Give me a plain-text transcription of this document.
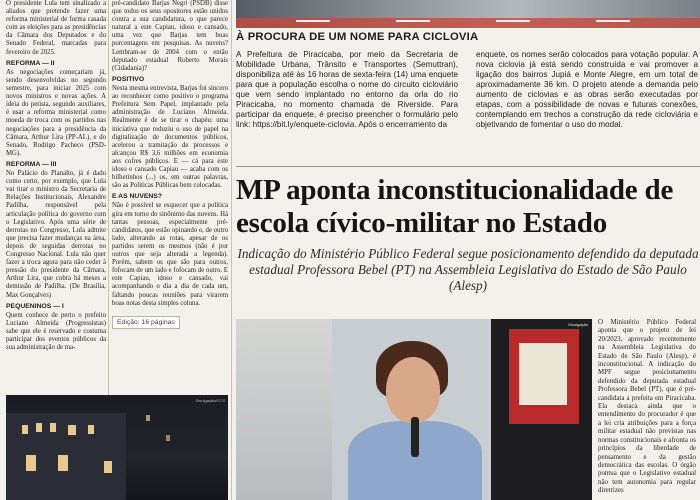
O presidente Lula tem sinalizado a aliados que pretende fazer uma reforma ministerial de forma casada com as eleições para as presidências da Câmara dos Deputados e do Senado Federal, marcadas para fevereiro de 2025.

REFORMA — II

As negociações começariam já, sendo desenvolvidas no segundo semestre, para iniciar 2025 com novos ministros e novas ações. A ideia do petista, segundo auxiliares, é usar a reforma ministerial como moeda de troca com os partidos nas negociações para a presidência da Câmara, Arthur Lira (PP-AL), e do Senado, Rodrigo Pacheco (PSD-MG).

REFORMA — III

No Palácio do Planalto, já é dado como certo, por exemplo, que Lula vai tirar o ministro da Secretaria de Relações Institucionais, Alexandre Padilha, responsável pela articulação política do governo com o Legislativo. Após uma série de derrotas no Congresso, Lula admite que precisa fazer mudanças na área, depois de seguidas derrotas no Congresso Nacional. Lula não quer fazer a troca agora para não ceder à pressão do presidente da Câmara, Arthur Lira, que cobra há meses a demissão de Padilha. (De Brasília, Max Gonçalves)

PEQUENINOS — I

Quem conhece de perto o prefeito Luciano Almeida (Progressistas) sabe que ele é reservado e costuma participar dos eventos públicos da sua administração de ma-

pré-candidato Barjas Negri (PSDB) disse que todos os seus opositores estão unidos contra a sua candidatura, o que parece natural a este Capiau, idoso e cansado, uma vez que Barjas tem boas porcentagens em pesquisas. As nuvens? Lembram-se de 2004 com o então deputado estadual Roberto Morais (Cidadania)?

POSITIVO

Nesta mesma entrevista, Barjas foi sincero ao reconhecer como positivo o programa Prefeitura Sem Papel, implantado pela administração de Luciano Almeida. Realmente é de se tirar o chapéu: uma iniciativa que reduziu o uso de papel na digitalização de documentos públicos, acelerou a tramitação de processos e alcançou R$ 3,6 milhões em economia aos cofres públicos. E — cá para este idoso e cansado Capiau — acaba com os bilhetinhos (...) os, em outras palavras, são as Políticas Públicas bem colocadas.

E AS NUVENS?

Não é possível se esquecer que a política gira em torno do sinônimo das nuvens. Há tantas pessoas, especialmente pré-candidatos, que estão opinando e, de outro lado, alterando as rotas, apesar de os partidos serem os mesmos (não é por outros que seja alterada a legenda). Porém, sabem os que são para outros, fofocam de um lado e fofocam de outro. E este Capiau, idoso e cansado, vai acompanhando o dia a dia de cada um, faltando poucas reuniões para virarem boas notas desta simples coluna.

Edição: 16 páginas
Divulgação/CCS
À PROCURA DE UM NOME PARA CICLOVIA
A Prefeitura de Piracicaba, por meio da Secretaria de Mobilidade Urbana, Trânsito e Transportes (Semuttran), disponibiliza até às 16 horas de sexta-feira (14) uma enquete para que a população escolha o nome do circuito cicloviário que vem sendo implantado no entorno da orla do rio Piracicaba, no momento chamada de Riverside. Para participar da enquete, é preciso preencher o formulário pelo link: https://bit.ly/enquete-ciclovia. Após o encerramento da
enquete, os nomes serão colocados para votação popular. A nova ciclovia já está sendo construída e vai promover a ligação dos bairros Jupiá e Monte Alegre, em um total de aproximadamente 36 km. O projeto atende a demanda pelo aumento de ciclovias e as obras serão executadas por etapas, com a possibilidade de novas e futuras conexões, contemplando em trechos a construção da rede cicloviária e objetivando de fomentar o uso do modal.
MP aponta inconstitucionalidade de escola cívico-militar no Estado
Indicação do Ministério Público Federal segue posicionamento defendido da deputada estadual Professora Bebel (PT) na Assembleia Legislativa do Estado de São Paulo (Alesp)
Divulgação O Ministério Público Federal aponta que o projeto de lei 20/2023, aprovado recentemente na Assembleia Legislativa do Estado de São Paulo (Alesp), é inconstitucional. A indicação do MPF segue posicionamento defendido da deputada estadual Professora Bebel (PT), que é pré-candidata a prefeita em Piracicaba. Ela destaca ainda que o entendimento do procurador é que a lei cria atribuições para a força militar estadual não previstas nas normas constitucionais e afronta os princípios da liberdade de pensamento e da gestão democrática das escolas. O órgão pontua que o Legislativo estadual não tem autonomia para regular diretrizes
